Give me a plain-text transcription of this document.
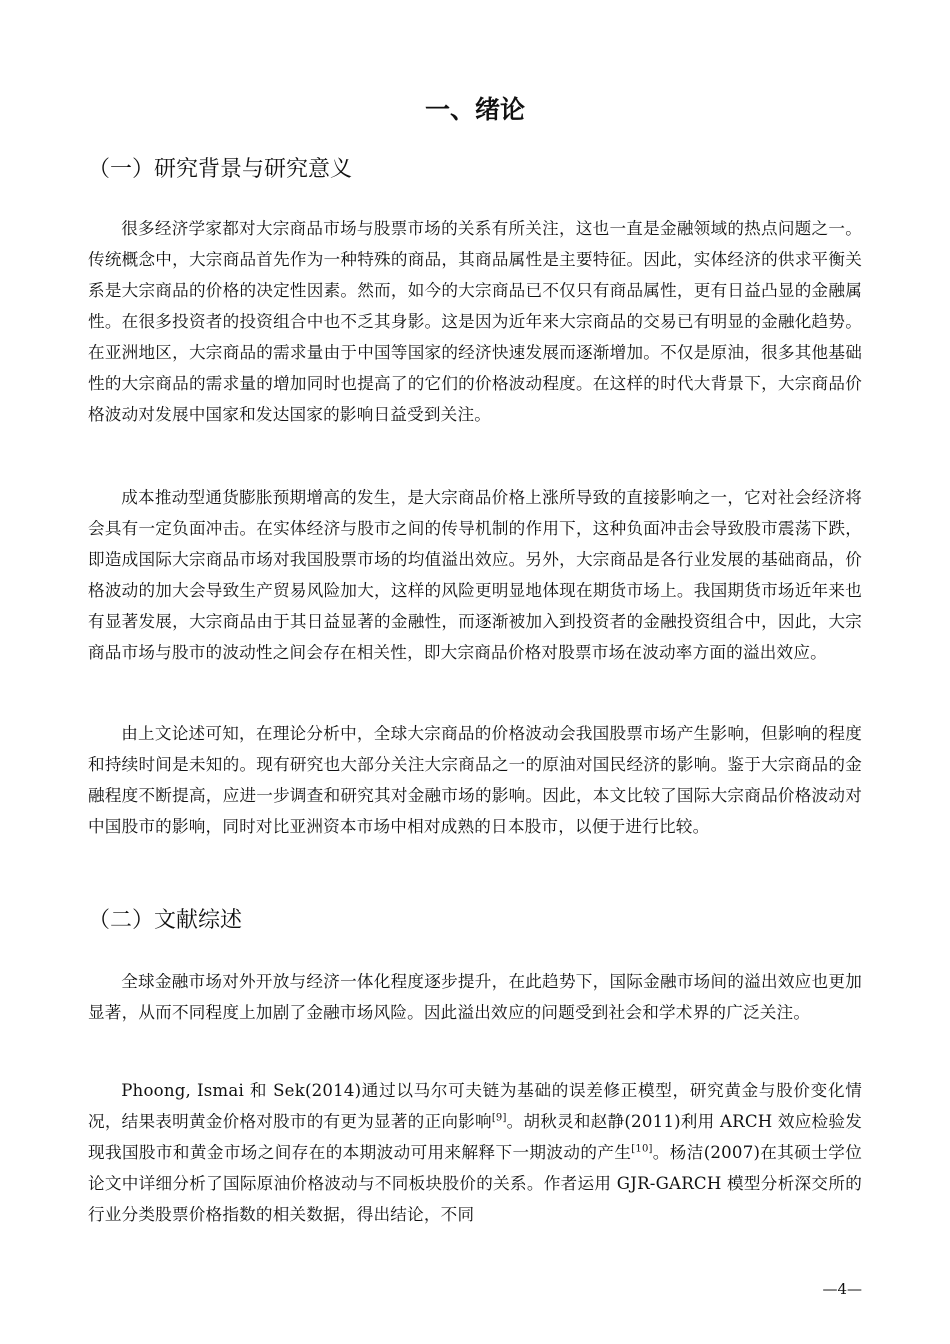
一、绪论
（一）研究背景与研究意义

很多经济学家都对大宗商品市场与股票市场的关系有所关注，这也一直是金融领域的热点问题之一。传统概念中，大宗商品首先作为一种特殊的商品，其商品属性是主要特征。因此，实体经济的供求平衡关系是大宗商品的价格的决定性因素。然而，如今的大宗商品已不仅只有商品属性，更有日益凸显的金融属性。在很多投资者的投资组合中也不乏其身影。这是因为近年来大宗商品的交易已有明显的金融化趋势。在亚洲地区，大宗商品的需求量由于中国等国家的经济快速发展而逐渐增加。不仅是原油，很多其他基础性的大宗商品的需求量的增加同时也提高了的它们的价格波动程度。在这样的时代大背景下，大宗商品价格波动对发展中国家和发达国家的影响日益受到关注。

成本推动型通货膨胀预期增高的发生，是大宗商品价格上涨所导致的直接影响之一，它对社会经济将会具有一定负面冲击。在实体经济与股市之间的传导机制的作用下，这种负面冲击会导致股市震荡下跌，即造成国际大宗商品市场对我国股票市场的均值溢出效应。另外，大宗商品是各行业发展的基础商品，价格波动的加大会导致生产贸易风险加大，这样的风险更明显地体现在期货市场上。我国期货市场近年来也有显著发展，大宗商品由于其日益显著的金融性，而逐渐被加入到投资者的金融投资组合中，因此，大宗商品市场与股市的波动性之间会存在相关性，即大宗商品价格对股票市场在波动率方面的溢出效应。

由上文论述可知，在理论分析中，全球大宗商品的价格波动会我国股票市场产生影响，但影响的程度和持续时间是未知的。现有研究也大部分关注大宗商品之一的原油对国民经济的影响。鉴于大宗商品的金融程度不断提高，应进一步调查和研究其对金融市场的影响。因此，本文比较了国际大宗商品价格波动对中国股市的影响，同时对比亚洲资本市场中相对成熟的日本股市，以便于进行比较。

（二）文献综述

全球金融市场对外开放与经济一体化程度逐步提升，在此趋势下，国际金融市场间的溢出效应也更加显著，从而不同程度上加剧了金融市场风险。因此溢出效应的问题受到社会和学术界的广泛关注。

Phoong, Ismai 和 Sek(2014)通过以马尔可夫链为基础的误差修正模型，研究黄金与股价变化情况，结果表明黄金价格对股市的有更为显著的正向影响[9]。胡秋灵和赵静(2011)利用 ARCH 效应检验发现我国股市和黄金市场之间存在的本期波动可用来解释下一期波动的产生[10]。杨洁(2007)在其硕士学位论文中详细分析了国际原油价格波动与不同板块股价的关系。作者运用 GJR-GARCH 模型分析深交所的行业分类股票价格指数的相关数据，得出结论，不同

—4—
